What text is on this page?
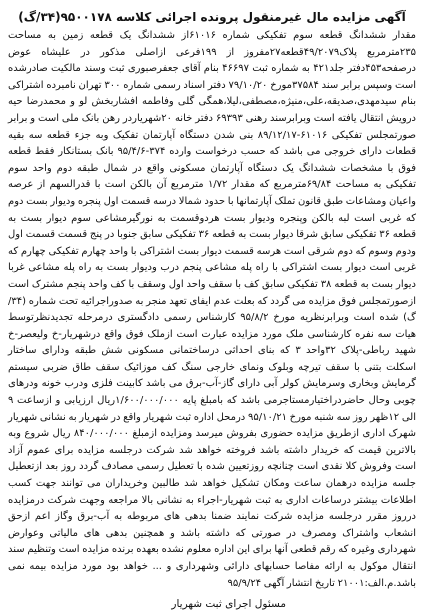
آگهی مزایده مال غیرمنقول پرونده اجرائی کلاسه ۹۵۰۰۱۷۸(۳۴/گ)

مقدار ششدانگ قطعه سوم تفکیکی شماره ۶۱۰۱۶از ششدانگ یک قطعه زمین به مساحت ۲۳۵مترمربع پلاک۴۹/۲۰۷۹قطعه۲۷مفروز از ۱۹۹فرعی ازاصلی مذکور در علیشاه عوض درصفحه۴۵۳دفتر جلد۴۲۱ به شماره ثبت ۴۶۶۹۷ بنام آقای جعفرصبوری ثبت وسند مالکیت صادرشده است وسپس برابر سند ۳۷۵۸۴مورخ ۷۹/۱۰/۲۰ دفتر اسناد رسمی شماره ۳۰۰ تهران نامبرده اشتراکی بنام سیدمهدی،صدیقه،علی،منیژه،مصطفی،لیلا،همگی گلی وفاطمه افشاربخش لو و محمدرضا حیه درویش انتقال یافته است وبرابرسند رهنی ۶۹۳۹۳ دفتر خانه ۲۰شهریاردر رهن بانک ملی است و برابر صورتمجلس تفکیکی ۶۱۰۱۶-۸۹/۱۲/۱۷ بنی شدن دستگاه آپارتمان تفکیک وبه جزء قطعه سه بقیه قطعات دارای خروجی می باشد که حسب درخواست وارده ۳۷۴-۹۵/۴/۶ بانک بستانکار فقط قطعه فوق با مشخصات ششدانگ یک دستگاه آپارتمان مسکونی واقع در شمال طبقه دوم واحد سوم تفکیکی به مساحت ۶۹/۸۴مترمربع که مقدار ۱/۷۲ مترمربع آن بالکن است با قدرالسهم از عرصه واعیان ومشاعات طبق قانون تملک آپارتمانها با حدود شمالا درسه قسمت اول پنجره ودیوار بست دوم که غربی است لبه بالکن وپنجره ودیوار بست هردوقسمت به نورگیرمشاعی سوم دیوار بست به قطعه ۳۶ تفکیکی سابق شرقا دیوار بست به قطعه ۳۶ تفکیکی سابق جنوبا در پنج قسمت قسمت اول ودوم وسوم که دوم شرقی است هرسه قسمت دیوار بست اشتراکی با واحد چهارم تفکیکی چهارم که غربی است دیوار بست اشتراکی با راه پله مشاعی پنجم درب ودیوار بست به راه پله مشاعی غربا دیوار بست به قطعه ۳۸ تفکیکی سابق کف با سقف واحد اول وسقف با کف واحد پنجم مشترک است ازصورتمجلس فوق مزایده می گردد که بعلت عدم ایفای تعهد منجر به صدوراجرائیه تحت شماره (۳۴/گ) شده است وبرابرنظریه مورخ ۹۵/۸/۲ کارشناس رسمی دادگستری درمرحله تجدیدنظرتوسط هیات سه نفره کارشناسی ملک مورد مزایده عبارت است ازملک فوق واقع درشهریار-خ ولیعصر-خ شهید رباطی-پلاک ۳۲واحد ۳ که بنای احداثی درساختمانی مسکونی شش طبقه ودارای ساختار اسکلت بتنی با سقف تیرچه وبلوک ونمای خارجی سنگ کف موزائیک سقف طاق ضربی سیستم گرمایش وبخاری وسرمایش کولر آبی دارای گاز-آب-برق می باشد کابینت فلزی ودرب خونه ودرهای چوبی وحال حاضردراختیارمستاجرمی باشد که بامبلغ پایه ۱/۶۰۰/۰۰۰/۰۰۰ریال ارزیابی و ازساعت ۹ الی ۱۲ظهر روز سه شنبه مورخ ۹۵/۱۰/۲۱ درمحل اداره ثبت شهریار واقع در شهریار به نشانی شهریار شهرک اداری ازطریق مزایده حضوری بفروش میرسد ومزایده ازمبلغ ۸۴۰/۰۰۰/۰۰۰ ریال شروع وبه بالاترین قیمت که خریدار داشته باشد فروخته خواهد شد شرکت درجلسه مزایده برای عموم آزاد است وفروش کلا نقدی است چنانچه روزتعیین شده با تعطیل رسمی مصادف گردد روز بعد ازتعطیل جلسه مزایده درهمان ساعت ومکان تشکیل خواهد شد طالبین وخریداران می توانند جهت کسب اطلاعات بیشتر درساعات اداری به ثبت شهریار-اجراء به نشانی بالا مراجعه وجهت شرکت درمزایده درروز مقرر درجلسه مزایده شرکت نمایند ضمنا بدهی های مربوطه به آب-برق وگاز اعم ازحق انشعاب واشتراک ومصرف در صورتی که داشته باشد و همچنین بدهی های مالیاتی وعوارض شهرداری وغیره که رقم قطعی آنها برای این اداره معلوم نشده بعهده برنده مزایده است وتنظیم سند انتقال موکول به ارائه مفاصا حسابهای دارائی وشهرداری و ... خواهد بود مورد مزایده بیمه نمی باشد.م.الف:۲۱۰۰۱ تاریخ انتشار آگهی ۹۵/۹/۲۴

مسئول اجرای ثبت شهریار
